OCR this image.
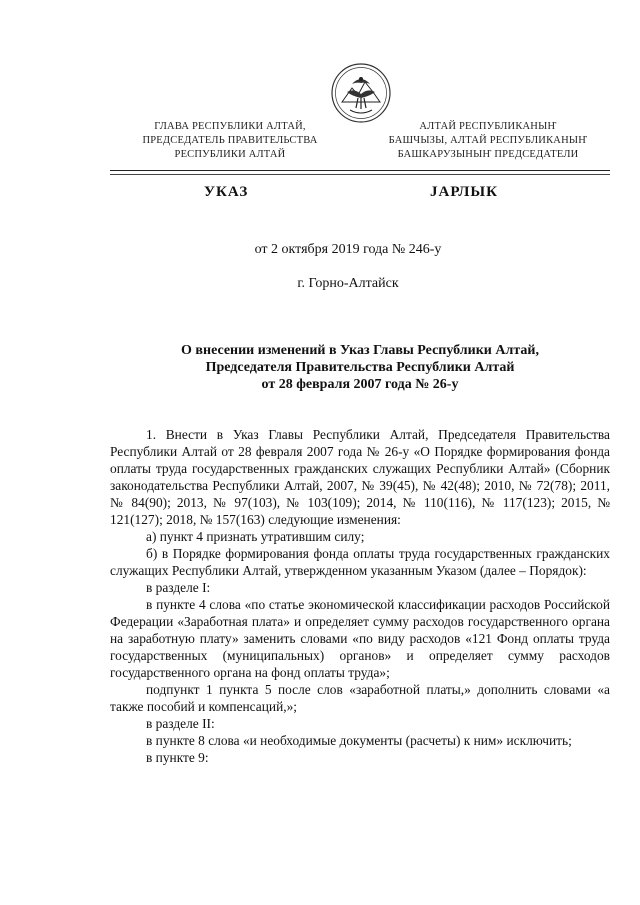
ГЛАВА РЕСПУБЛИКИ АЛТАЙ,
ПРЕДСЕДАТЕЛЬ ПРАВИТЕЛЬСТВА
РЕСПУБЛИКИ АЛТАЙ
АЛТАЙ РЕСПУБЛИКАНЫҤ
БАШЧЫЗЫ, АЛТАЙ РЕСПУБЛИКАНЫҤ
БАШКАРУЗЫНЫҤ ПРЕДСЕДАТЕЛИ
УКАЗ	JАРЛЫК
от 2 октября 2019 года № 246-у
г. Горно-Алтайск
О внесении изменений в Указ Главы Республики Алтай,
Председателя Правительства Республики Алтай
от 28 февраля 2007 года № 26-у

1. Внести в Указ Главы Республики Алтай, Председателя Правительства Республики Алтай от 28 февраля 2007 года № 26-у «О Порядке формирования фонда оплаты труда государственных гражданских служащих Республики Алтай» (Сборник законодательства Республики Алтай, 2007, № 39(45), № 42(48); 2010, № 72(78); 2011, № 84(90); 2013, № 97(103), № 103(109); 2014, № 110(116), № 117(123); 2015, № 121(127); 2018, № 157(163) следующие изменения:

а) пункт 4 признать утратившим силу;

б) в Порядке формирования фонда оплаты труда государственных гражданских служащих Республики Алтай, утвержденном указанным Указом (далее – Порядок):

в разделе I:

в пункте 4 слова «по статье экономической классификации расходов Российской Федерации «Заработная плата» и определяет сумму расходов государственного органа на заработную плату» заменить словами «по виду расходов «121 Фонд оплаты труда государственных (муниципальных) органов» и определяет сумму расходов государственного органа на фонд оплаты труда»;

подпункт 1 пункта 5 после слов «заработной платы,» дополнить словами «а также пособий и компенсаций,»;

в разделе II:

в пункте 8 слова «и необходимые документы (расчеты) к ним» исключить;

в пункте 9:
